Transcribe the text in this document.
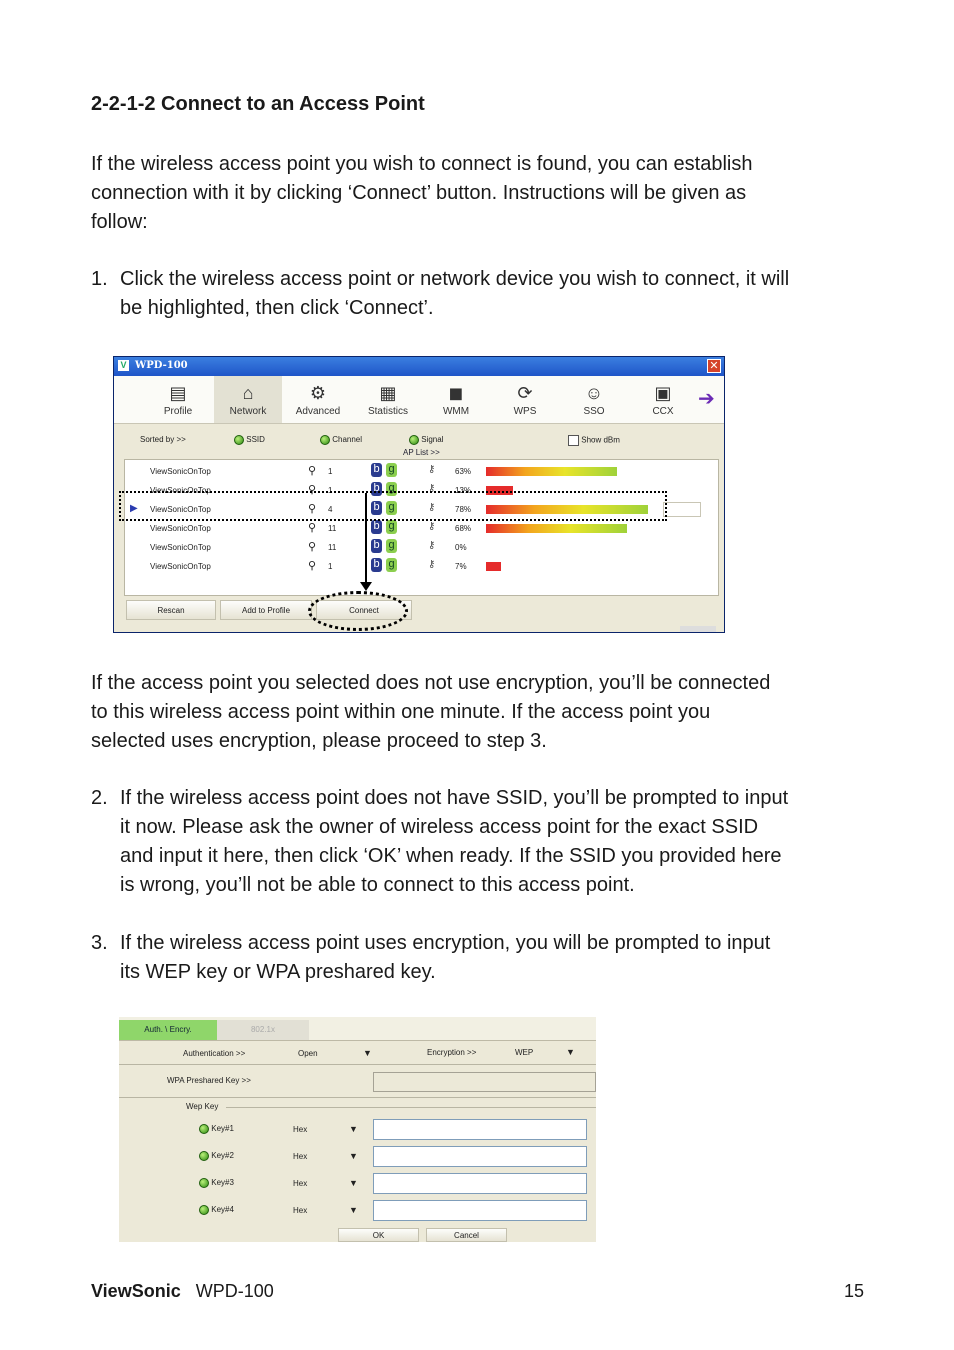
2-2-1-2 Connect to an Access Point
If the wireless access point you wish to connect is found, you can establish
connection with it by clicking ‘Connect’ button. Instructions will be given as
follow:
1. Click the wireless access point or network device you wish to connect, it will
be highlighted, then click ‘Connect’.
V WPD-100	✕
▤
Profile
⌂
Network
⚙
Advanced
▦
Statistics
◼
WMM
⟳
WPS
☺
SSO
▣
CCX
➔
Sorted by >>	SSID	Channel	Signal	Show dBm
AP List >>
ViewSonicOnTop	⚲ 1	b g	⚷ 63%
ViewSonicOnTop	⚲ 1	b g	⚷ 13%
▶ ViewSonicOnTop	⚲ 4	b g	⚷ 78%
ViewSonicOnTop	⚲ 11	b g	⚷ 68%
ViewSonicOnTop	⚲ 11	b g	⚷ 0%
ViewSonicOnTop	⚲ 1	b g	⚷ 7%
Rescan	Add to Profile	Connect
If the access point you selected does not use encryption, you’ll be connected
to this wireless access point within one minute. If the access point you
selected uses encryption, please proceed to step 3.
2. If the wireless access point does not have SSID, you’ll be prompted to input
it now. Please ask the owner of wireless access point for the exact SSID
and input it here, then click ‘OK’ when ready. If the SSID you provided here
is wrong, you’ll not be able to connect to this access point.
3. If the wireless access point uses encryption, you will be prompted to input
its WEP key or WPA preshared key.
Auth. \ Encry.	802.1x
Authentication >>	Open	▼	Encryption >>	WEP	▼
WPA Preshared Key >>
Wep Key
Key#1	Hex	▼
Key#2	Hex	▼
Key#3	Hex	▼
Key#4	Hex	▼
OK	Cancel
ViewSonic WPD-100	15
